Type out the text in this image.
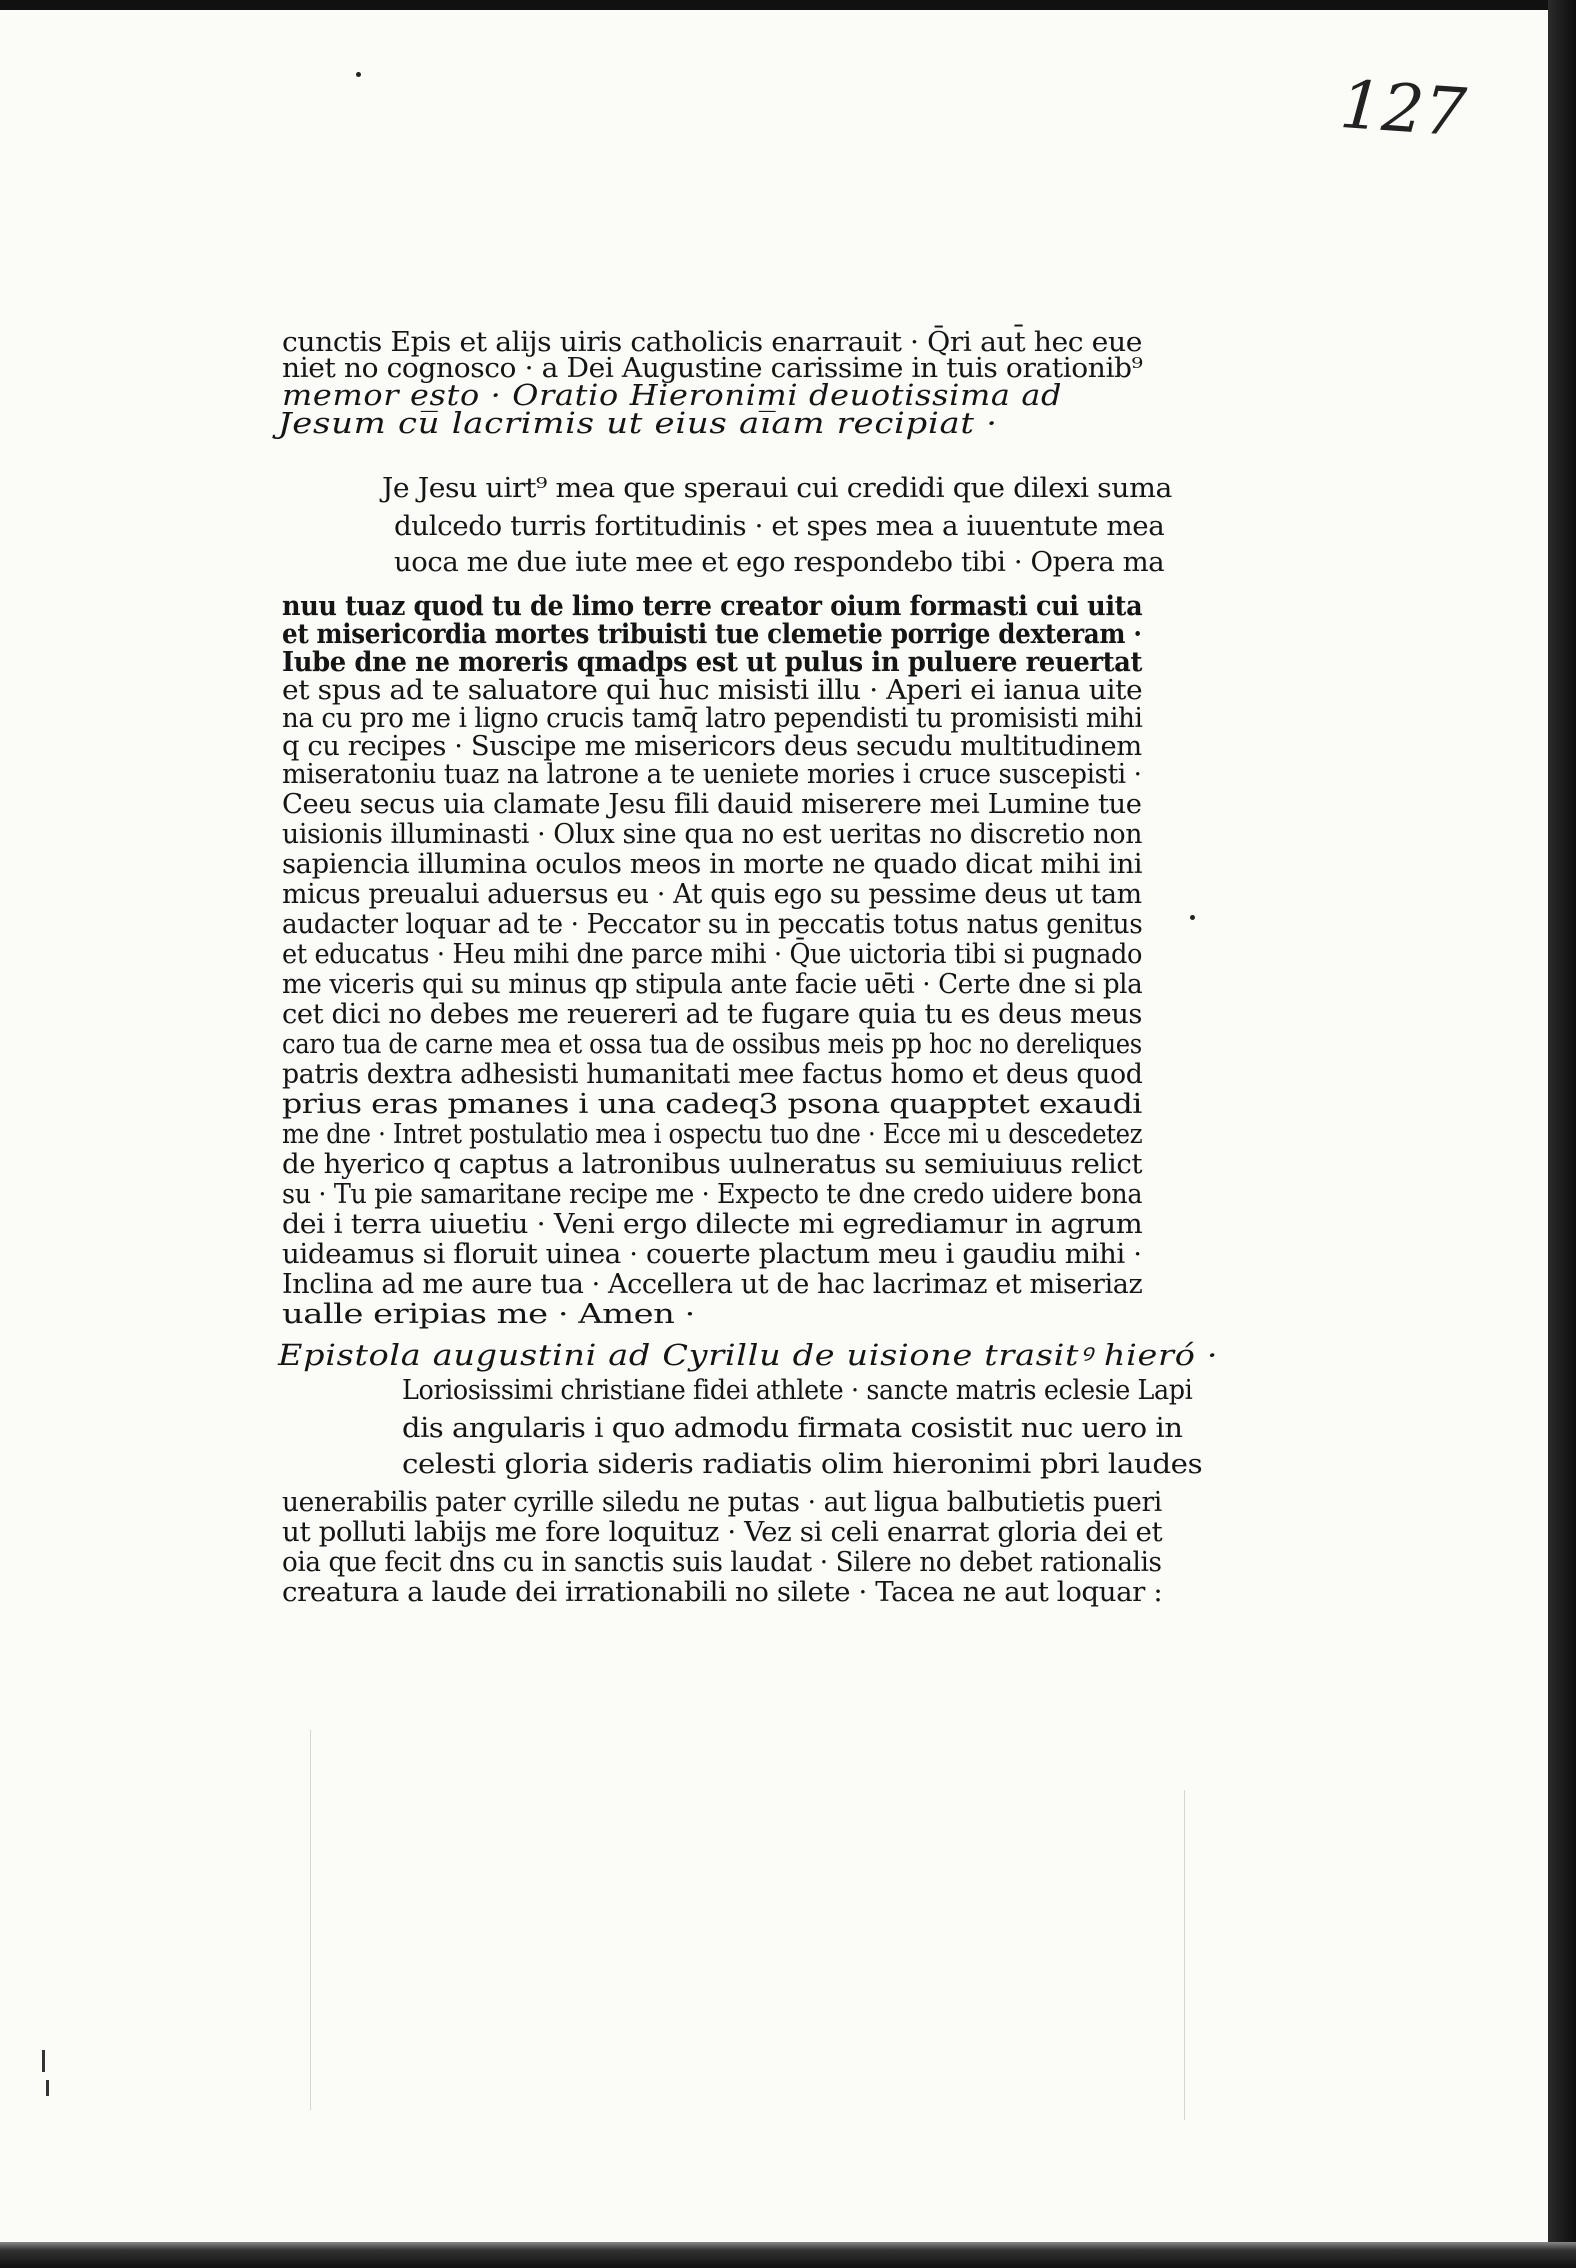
127
cunctis Epis et alijs uiris catholicis enarrauit · Q̄ri aut̄ hec eue
niet no cognosco · a Dei Augustine carissime in tuis orationib⁹
memor esto · Oratio Hieronimi deuotissima ad
Jesum cu̅ lacrimis ut eius ai̅am recipiat ·
Je Jesu uirt⁹ mea que speraui cui credidi que dilexi suma
dulcedo turris fortitudinis · et spes mea a iuuentute mea
uoca me due iute mee et ego respondebo tibi · Opera ma
nuu tuaz quod tu de limo terre creator oium formasti cui uita
et misericordia mortes tribuisti tue clemetie porrige dexteram ·
Iube dne ne moreris qmadps est ut pulus in puluere reuertat
et spus ad te saluatore qui huc misisti illu · Aperi ei ianua uite
na cu pro me i ligno crucis tamq̄ latro pependisti tu promisisti mihi
q cu recipes · Suscipe me misericors deus secudu multitudinem
miseratoniu tuaz na latrone a te ueniete mories i cruce suscepisti ·
Ceeu secus uia clamate Jesu fili dauid miserere mei Lumine tue
uisionis illuminasti · Olux sine qua no est ueritas no discretio non
sapiencia illumina oculos meos in morte ne quado dicat mihi ini
micus preualui aduersus eu · At quis ego su pessime deus ut tam
audacter loquar ad te · Peccator su in peccatis totus natus genitus
et educatus · Heu mihi dne parce mihi · Q̄ue uictoria tibi si pugnado
me viceris qui su minus qp stipula ante facie uēti · Certe dne si pla
cet dici no debes me reuereri ad te fugare quia tu es deus meus
caro tua de carne mea et ossa tua de ossibus meis pp hoc no dereliques
patris dextra adhesisti humanitati mee factus homo et deus quod
prius eras pmanes i una cadeq3 psona quapptet exaudi
me dne · Intret postulatio mea i ospectu tuo dne · Ecce mi u descedetez
de hyerico q captus a latronibus uulneratus su semiuiuus relict
su · Tu pie samaritane recipe me · Expecto te dne credo uidere bona
dei i terra uiuetiu · Veni ergo dilecte mi egrediamur in agrum
uideamus si floruit uinea · couerte plactum meu i gaudiu mihi ·
Inclina ad me aure tua · Accellera ut de hac lacrimaz et miseriaz
ualle eripias me · Amen ·
Epistola augustini ad Cyrillu de uisione trasitꝰ hieró ·
Loriosissimi christiane fidei athlete · sancte matris eclesie Lapi
dis angularis i quo admodu firmata cosistit nuc uero in
celesti gloria sideris radiatis olim hieronimi pbri laudes
uenerabilis pater cyrille siledu ne putas · aut ligua balbutietis pueri
ut polluti labijs me fore loquituz · Vez si celi enarrat gloria dei et
oia que fecit dns cu in sanctis suis laudat · Silere no debet rationalis
creatura a laude dei irrationabili no silete · Tacea ne aut loquar :
